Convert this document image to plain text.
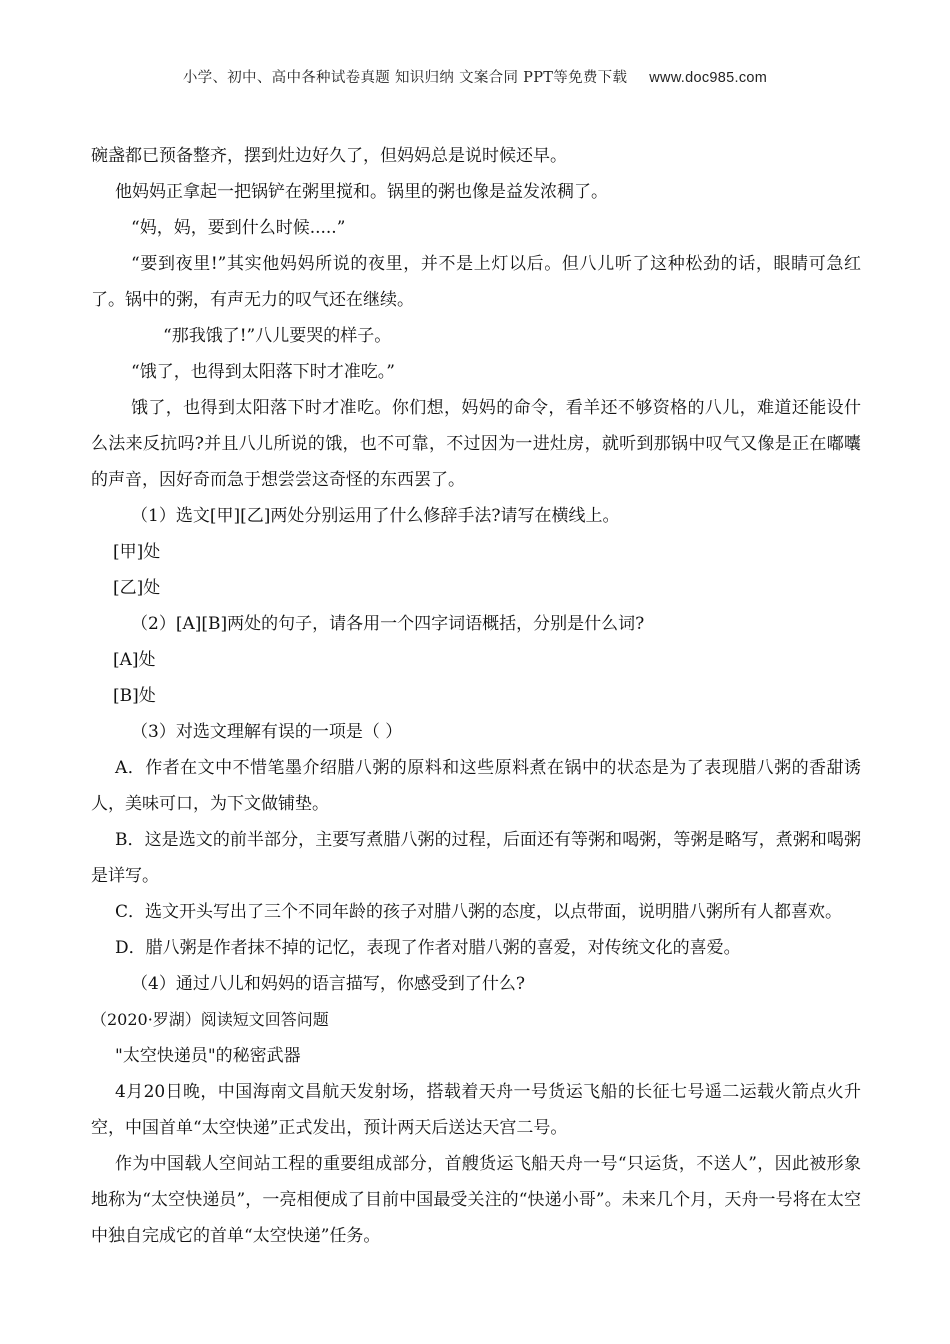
小学、初中、高中各种试卷真题 知识归纳 文案合同 PPT等免费下载 www.doc985.com

碗盏都已预备整齐，摆到灶边好久了，但妈妈总是说时候还早。

他妈妈正拿起一把锅铲在粥里搅和。锅里的粥也像是益发浓稠了。

“妈，妈，要到什么时候.....”

“要到夜里!”其实他妈妈所说的夜里，并不是上灯以后。但八儿听了这种松劲的话，眼睛可急红了。锅中的粥，有声无力的叹气还在继续。

“那我饿了!”八儿要哭的样子。

“饿了，也得到太阳落下时才准吃。”

饿了，也得到太阳落下时才准吃。你们想，妈妈的命令，看羊还不够资格的八儿，难道还能设什么法来反抗吗?并且八儿所说的饿，也不可靠，不过因为一进灶房，就听到那锅中叹气又像是正在嘟囔的声音，因好奇而急于想尝尝这奇怪的东西罢了。

（1）选文[甲][乙]两处分别运用了什么修辞手法?请写在横线上。

[甲]处

[乙]处

（2）[A][B]两处的句子，请各用一个四字词语概括，分别是什么词?

[A]处

[B]处

（3）对选文理解有误的一项是（ ）

A．作者在文中不惜笔墨介绍腊八粥的原料和这些原料煮在锅中的状态是为了表现腊八粥的香甜诱人，美味可口，为下文做铺垫。

B．这是选文的前半部分，主要写煮腊八粥的过程，后面还有等粥和喝粥，等粥是略写，煮粥和喝粥是详写。

C．选文开头写出了三个不同年龄的孩子对腊八粥的态度，以点带面，说明腊八粥所有人都喜欢。

D．腊八粥是作者抹不掉的记忆，表现了作者对腊八粥的喜爱，对传统文化的喜爱。

（4）通过八儿和妈妈的语言描写，你感受到了什么?

（2020·罗湖）阅读短文回答问题

"太空快递员"的秘密武器

4月20日晚，中国海南文昌航天发射场，搭载着天舟一号货运飞船的长征七号遥二运载火箭点火升空，中国首单“太空快递”正式发出，预计两天后送达天宫二号。

作为中国载人空间站工程的重要组成部分，首艘货运飞船天舟一号“只运货，不送人”，因此被形象地称为“太空快递员”，一亮相便成了目前中国最受关注的“快递小哥”。未来几个月，天舟一号将在太空中独自完成它的首单“太空快递”任务。
